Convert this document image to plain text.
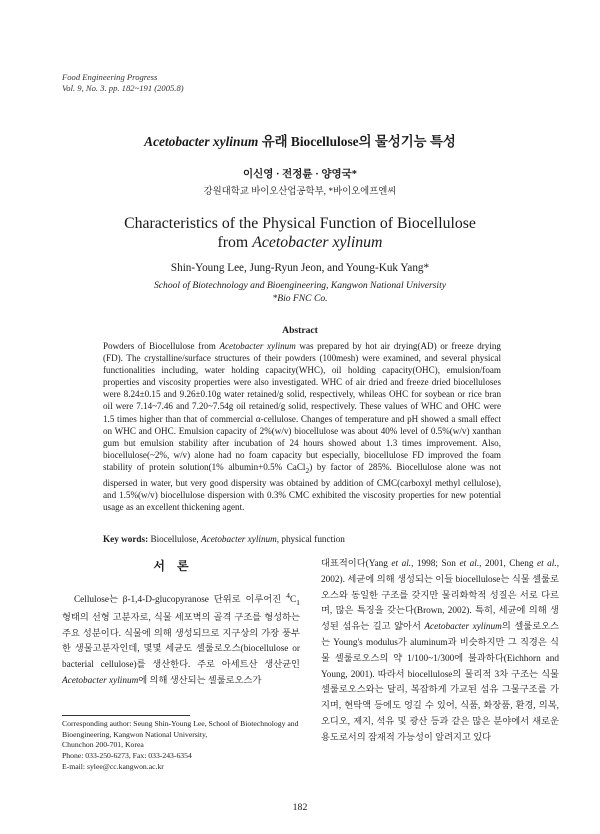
Food Engineering Progress
Vol. 9, No. 3. pp. 182~191 (2005.8)
Acetobacter xylinum 유래 Biocellulose의 물성기능 특성
이신영 · 전정륜 · 양영국*
강원대학교 바이오산업공학부, *바이오에프엔씨
Characteristics of the Physical Function of Biocellulose
from Acetobacter xylinum
Shin-Young Lee, Jung-Ryun Jeon, and Young-Kuk Yang*
School of Biotechnology and Bioengineering, Kangwon National University
*Bio FNC Co.
Abstract
Powders of Biocellulose from Acetobacter xylinum was prepared by hot air drying(AD) or freeze drying (FD). The crystalline/surface structures of their powders (100mesh) were examined, and several physical functionalities including, water holding capacity(WHC), oil holding capacity(OHC), emulsion/foam properties and viscosity properties were also investigated. WHC of air dried and freeze dried biocelluloses were 8.24±0.15 and 9.26±0.10g water retained/g solid, respectively, whileas OHC for soybean or rice bran oil were 7.14~7.46 and 7.20~7.54g oil retained/g solid, respectively. These values of WHC and OHC were 1.5 times higher than that of commercial α-cellulose. Changes of temperature and pH showed a small effect on WHC and OHC. Emulsion capacity of 2%(w/v) biocellulose was about 40% level of 0.5%(w/v) xanthan gum but emulsion stability after incubation of 24 hours showed about 1.3 times improvement. Also, biocellulose(~2%, w/v) alone had no foam capacity but especially, biocellulose FD improved the foam stability of protein solution(1% albumin+0.5% CaCl$_2$) by factor of 285%. Biocellulose alone was not dispersed in water, but very good dispersity was obtained by addition of CMC(carboxyl methyl cellulose), and 1.5%(w/v) biocellulose dispersion with 0.3% CMC exhibited the viscosity properties for new potential usage as an excellent thickening agent.
Key words: Biocellulose, Acetobacter xylinum, physical function
서론
Cellulose는 β-1,4-D-glucopyranose 단위로 이루어진 $^4C_1$ 형태의 선형 고분자로, 식물 세포벽의 골격 구조를 형성하는 주요 성분이다. 식물에 의해 생성되므로 지구상의 가장 풍부한 생물고분자인데, 몇몇 세균도 셀룰로오스(biocellulose or bacterial cellulose)를 생산한다. 주로 아세트산 생산균인 Acetobacter xylinum에 의해 생산되는 셀룰로오스가
대표적이다(Yang et al., 1998; Son et al., 2001, Cheng et al., 2002). 세균에 의해 생성되는 이들 biocellulose는 식물 셀룰로오스와 동일한 구조를 갖지만 물리화학적 성질은 서로 다르며, 많은 특징을 갖는다(Brown, 2002). 특히, 세균에 의해 생성된 섬유는 길고 얇아서 Acetobacter xylinum의 셀룰로오스는 Young's modulus가 aluminum과 비슷하지만 그 직경은 식물 셀룰로오스의 약 1/100~1/300에 불과하다(Eichhorn and Young, 2001). 따라서 biocellulose의 물리적 3차 구조는 식물 셀룰로오스와는 달리, 복잡하게 가교된 섬유 그물구조를 가지며, 현탁액 등에도 엉길 수 있어, 식품, 화장품, 환경, 의복, 오디오, 제지, 석유 및 광산 등과 같은 많은 분야에서 새로운 용도로서의 잠재적 가능성이 알려지고 있다
Corresponding author: Seung Shin-Young Lee, School of Biotechnology and Bioengineering, Kangwon National University,
Chunchon 200-701, Korea
Phone: 033-250-6273, Fax: 033-243-6354
E-mail: sylee@cc.kangwon.ac.kr
182
